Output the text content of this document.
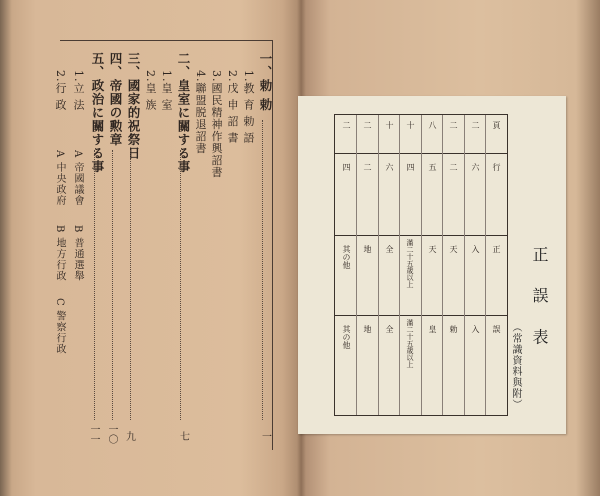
一、勅 勅
1.教 育 勅 語
2.戊 申 詔 書
3.國民精神作興詔書
4.聯盟脱退詔書
二、皇室に關する事
1.皇 室
2.皇 族
三、國家的祝祭日
四、帝國の勲章
五、政治に關する事
1.立 法
2.行 政
A 帝國議會
B 普通選舉
A 中央政府
B 地方行政
C 警察行政
一
七
九
一〇
一一
正 誤 表
（常識資料與附）
頁
行
正
誤
二
六
入
入
二
二
天
勅
八
五
天
皇
十
四
滿二十五歳以上
滿二十五歳以上
十
六
全
全
二
二
地
地
二
四
其の他
其の他
